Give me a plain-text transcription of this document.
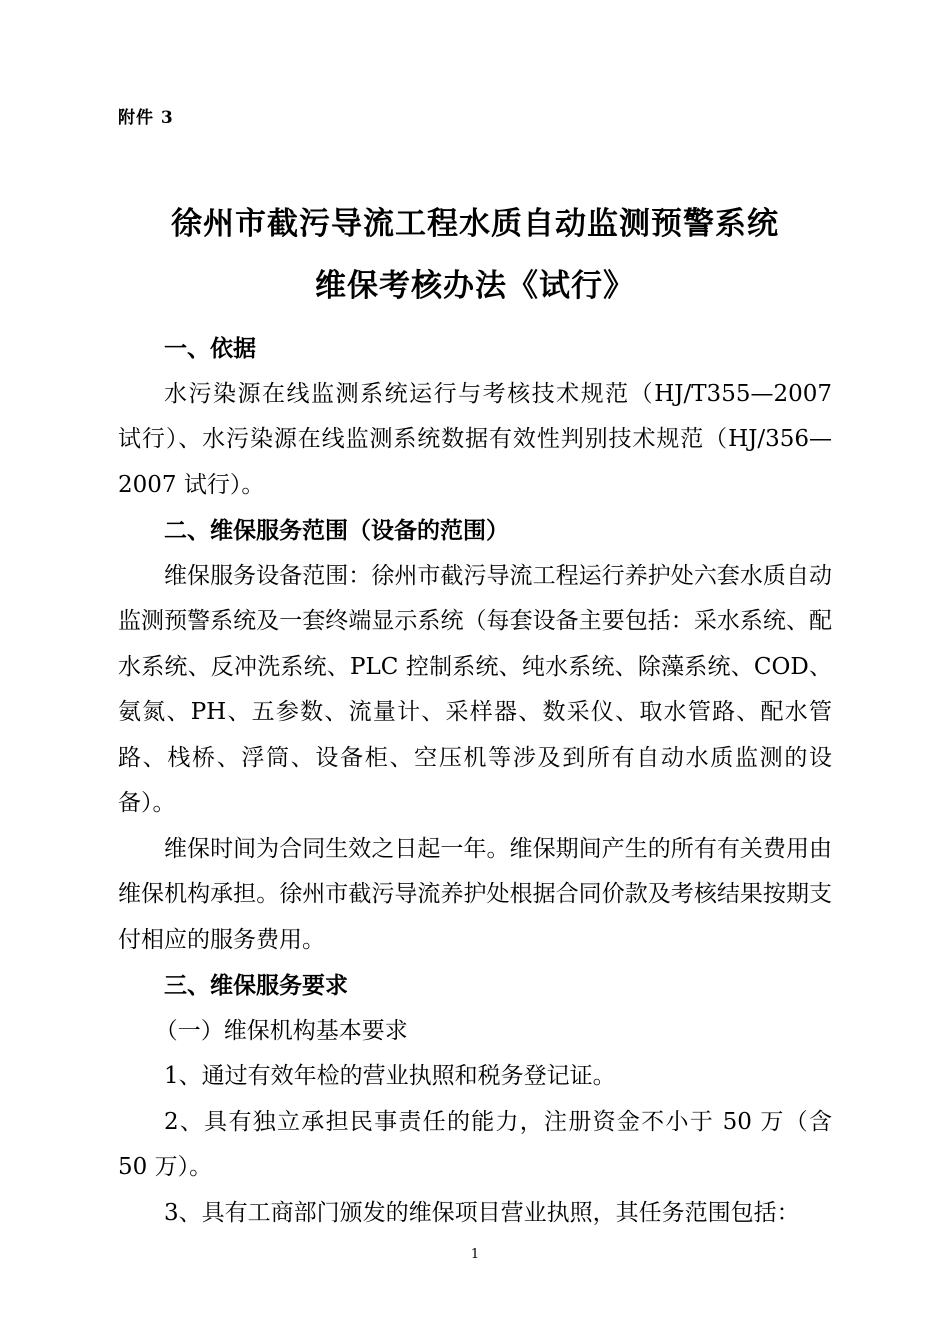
附件 3
徐州市截污导流工程水质自动监测预警系统
维保考核办法《试行》

一、依据

水污染源在线监测系统运行与考核技术规范（HJ/T355—2007 试行）、水污染源在线监测系统数据有效性判别技术规范（HJ/356—2007 试行）。

二、维保服务范围（设备的范围）

维保服务设备范围：徐州市截污导流工程运行养护处六套水质自动监测预警系统及一套终端显示系统（每套设备主要包括：采水系统、配水系统、反冲洗系统、PLC 控制系统、纯水系统、除藻系统、COD、氨氮、PH、五参数、流量计、采样器、数采仪、取水管路、配水管路、栈桥、浮筒、设备柜、空压机等涉及到所有自动水质监测的设备）。

维保时间为合同生效之日起一年。维保期间产生的所有有关费用由维保机构承担。徐州市截污导流养护处根据合同价款及考核结果按期支付相应的服务费用。

三、维保服务要求

（一）维保机构基本要求

1、通过有效年检的营业执照和税务登记证。

2、具有独立承担民事责任的能力，注册资金不小于 50 万（含 50 万）。

3、具有工商部门颁发的维保项目营业执照，其任务范围包括：

1
